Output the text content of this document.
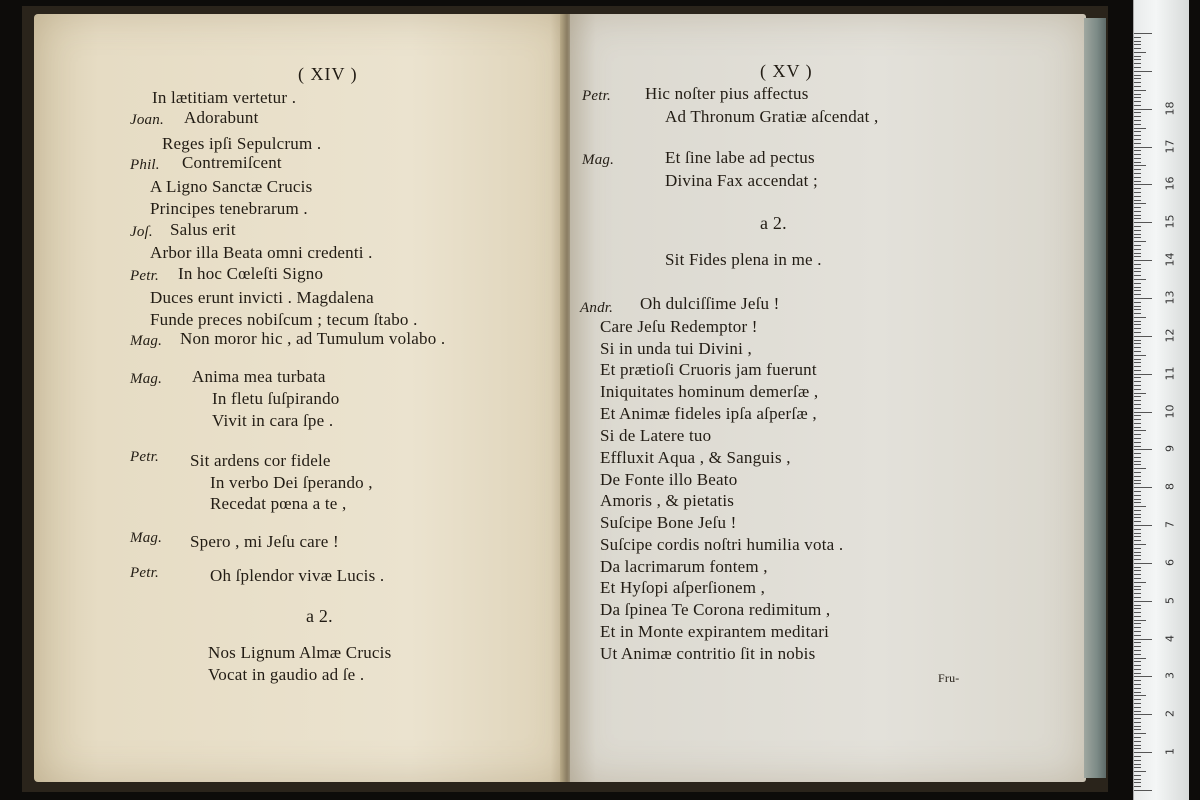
( XIV )
In lætitiam vertetur .
Joan. Adorabunt
Reges ipſi Sepulcrum .
Phil. Contremiſcent
A Ligno Sanctæ Crucis
Principes tenebrarum .
Joſ. Salus erit
Arbor illa Beata omni credenti .
Petr. In hoc Cœleſti Signo
Duces erunt invicti . Magdalena
Funde preces nobiſcum ; tecum ſtabo .
Mag. Non moror hic , ad Tumulum volabo .
Mag. Anima mea turbata
In fletu ſuſpirando
Vivit in cara ſpe .
Petr. Sit ardens cor fidele
In verbo Dei ſperando ,
Recedat pœna a te ,
Mag. Spero , mi Jeſu care !
Petr.	Oh ſplendor vivæ Lucis .
a 2.
Nos Lignum Almæ Crucis
Vocat in gaudio ad ſe .
( XV )
Petr. Hic noſter pius affectus
Ad Thronum Gratiæ aſcendat ,
Mag.	Et ſine labe ad pectus
Divina Fax accendat ;
a 2.
Sit Fides plena in me .
Andr. Oh dulciſſime Jeſu !
Care Jeſu Redemptor !
Si in unda tui Divini ,
Et prætioſi Cruoris jam fuerunt
Iniquitates hominum demerſæ ,
Et Animæ fideles ipſa aſperſæ ,
Si de Latere tuo
Effluxit Aqua , & Sanguis ,
De Fonte illo Beato
Amoris , & pietatis
Suſcipe Bone Jeſu !
Suſcipe cordis noſtri humilia vota .
Da lacrimarum fontem ,
Et Hyſopi aſperſionem ,
Da ſpinea Te Corona redimitum ,
Et in Monte expirantem meditari
Ut Animæ contritio ſit in nobis
Fru-
1
2
3
4
5
6
7
8
9
10
11
12
13
14
15
16
17
18
